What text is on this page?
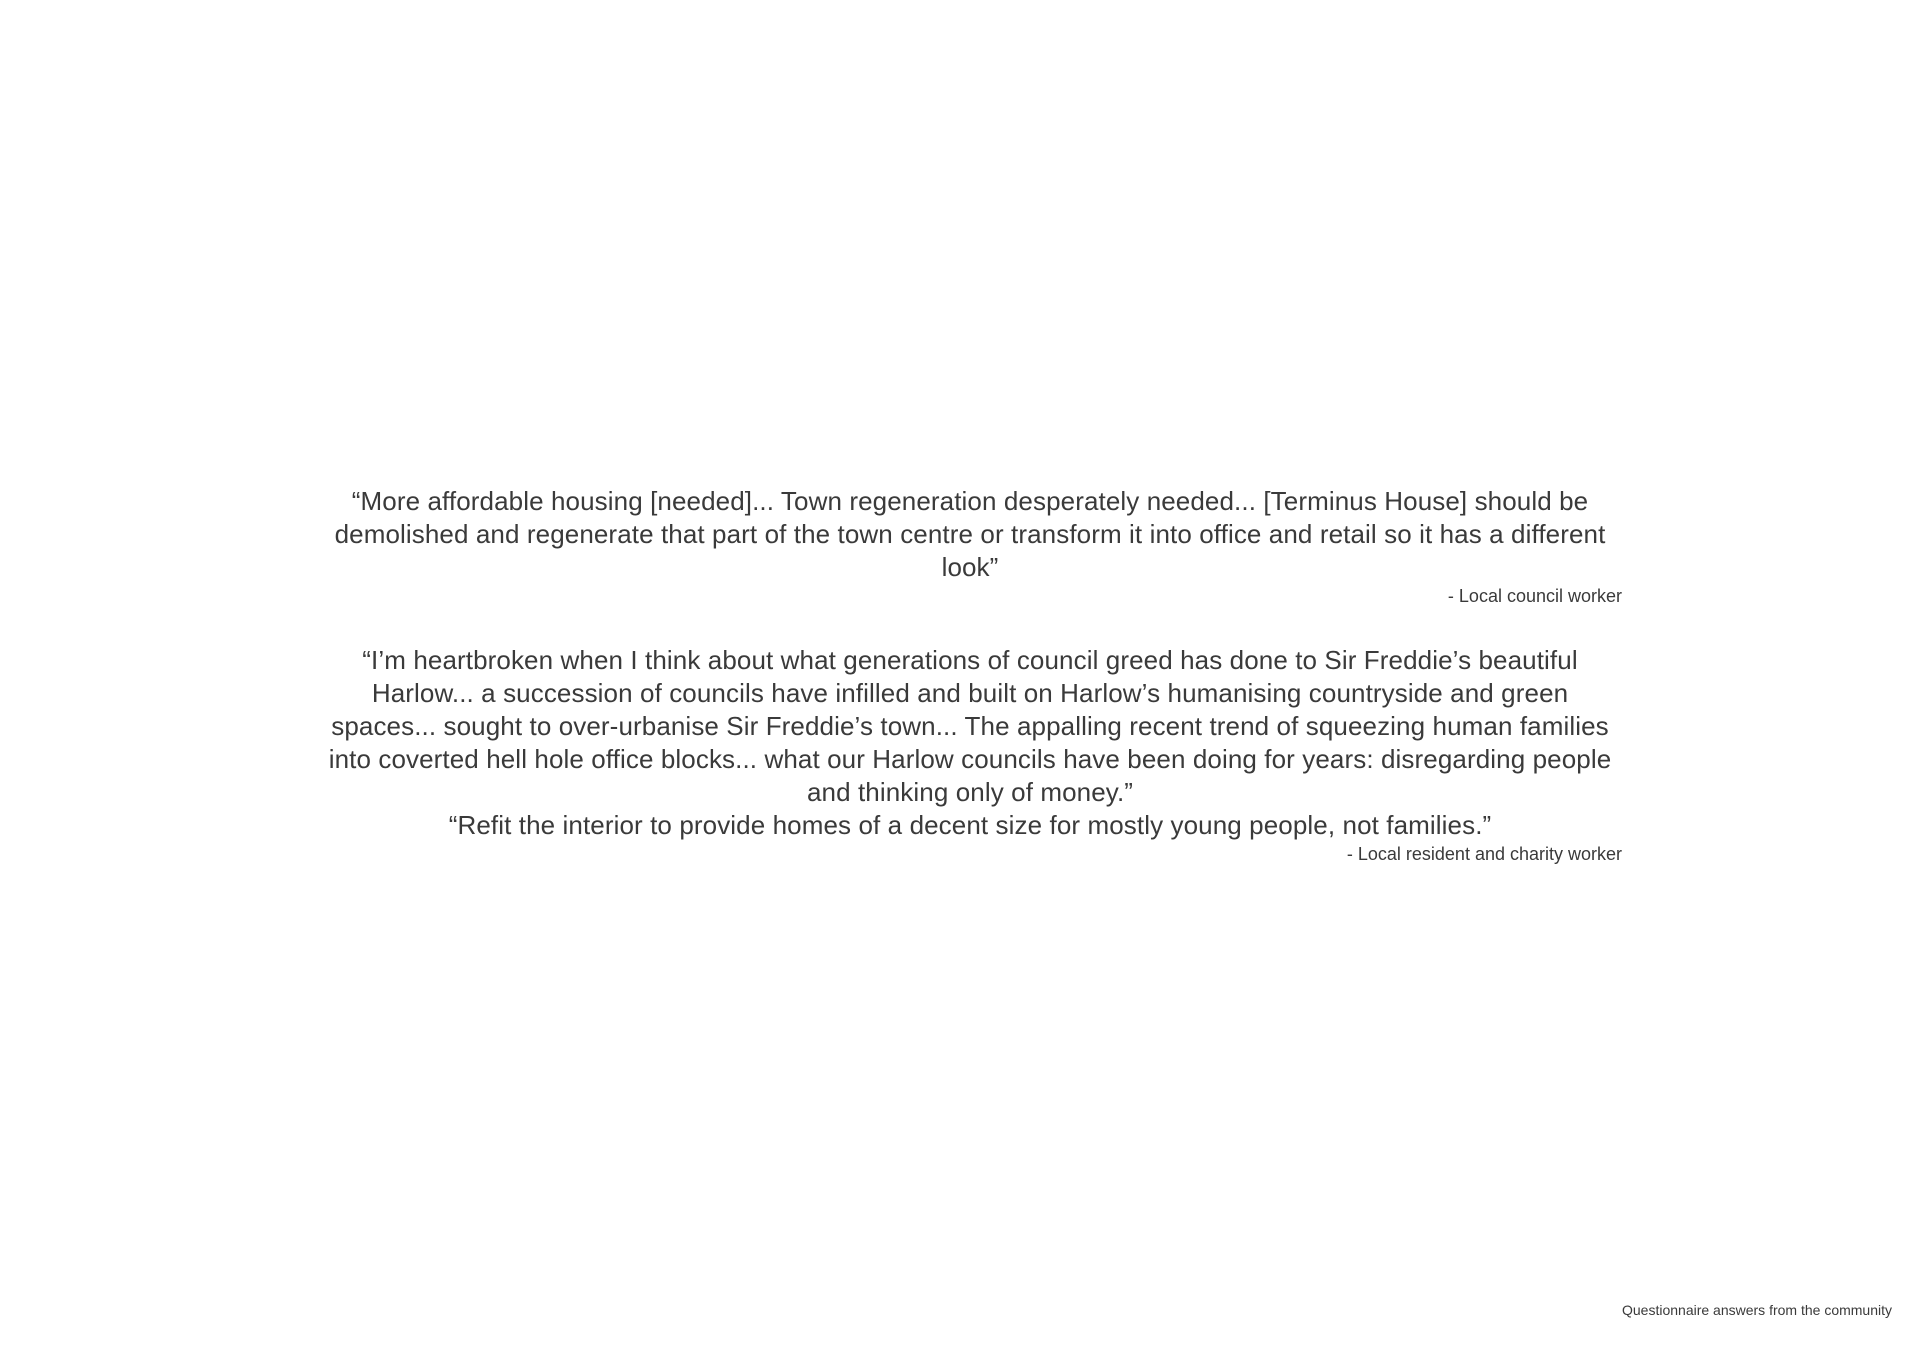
“More affordable housing [needed]... Town regeneration desperately needed... [Terminus House] should be demolished and regenerate that part of the town centre or transform it into office and retail so it has a different look”

- Local council worker

“I’m heartbroken when I think about what generations of council greed has done to Sir Freddie’s beautiful Harlow... a succession of councils have infilled and built on Harlow’s humanising countryside and green spaces... sought to over-urbanise Sir Freddie’s town... The appalling recent trend of squeezing human families into coverted hell hole office blocks... what our Harlow councils have been doing for years: disregarding people and thinking only of money.”

“Refit the interior to provide homes of a decent size for mostly young people, not families.”

- Local resident and charity worker

Questionnaire answers from the community
